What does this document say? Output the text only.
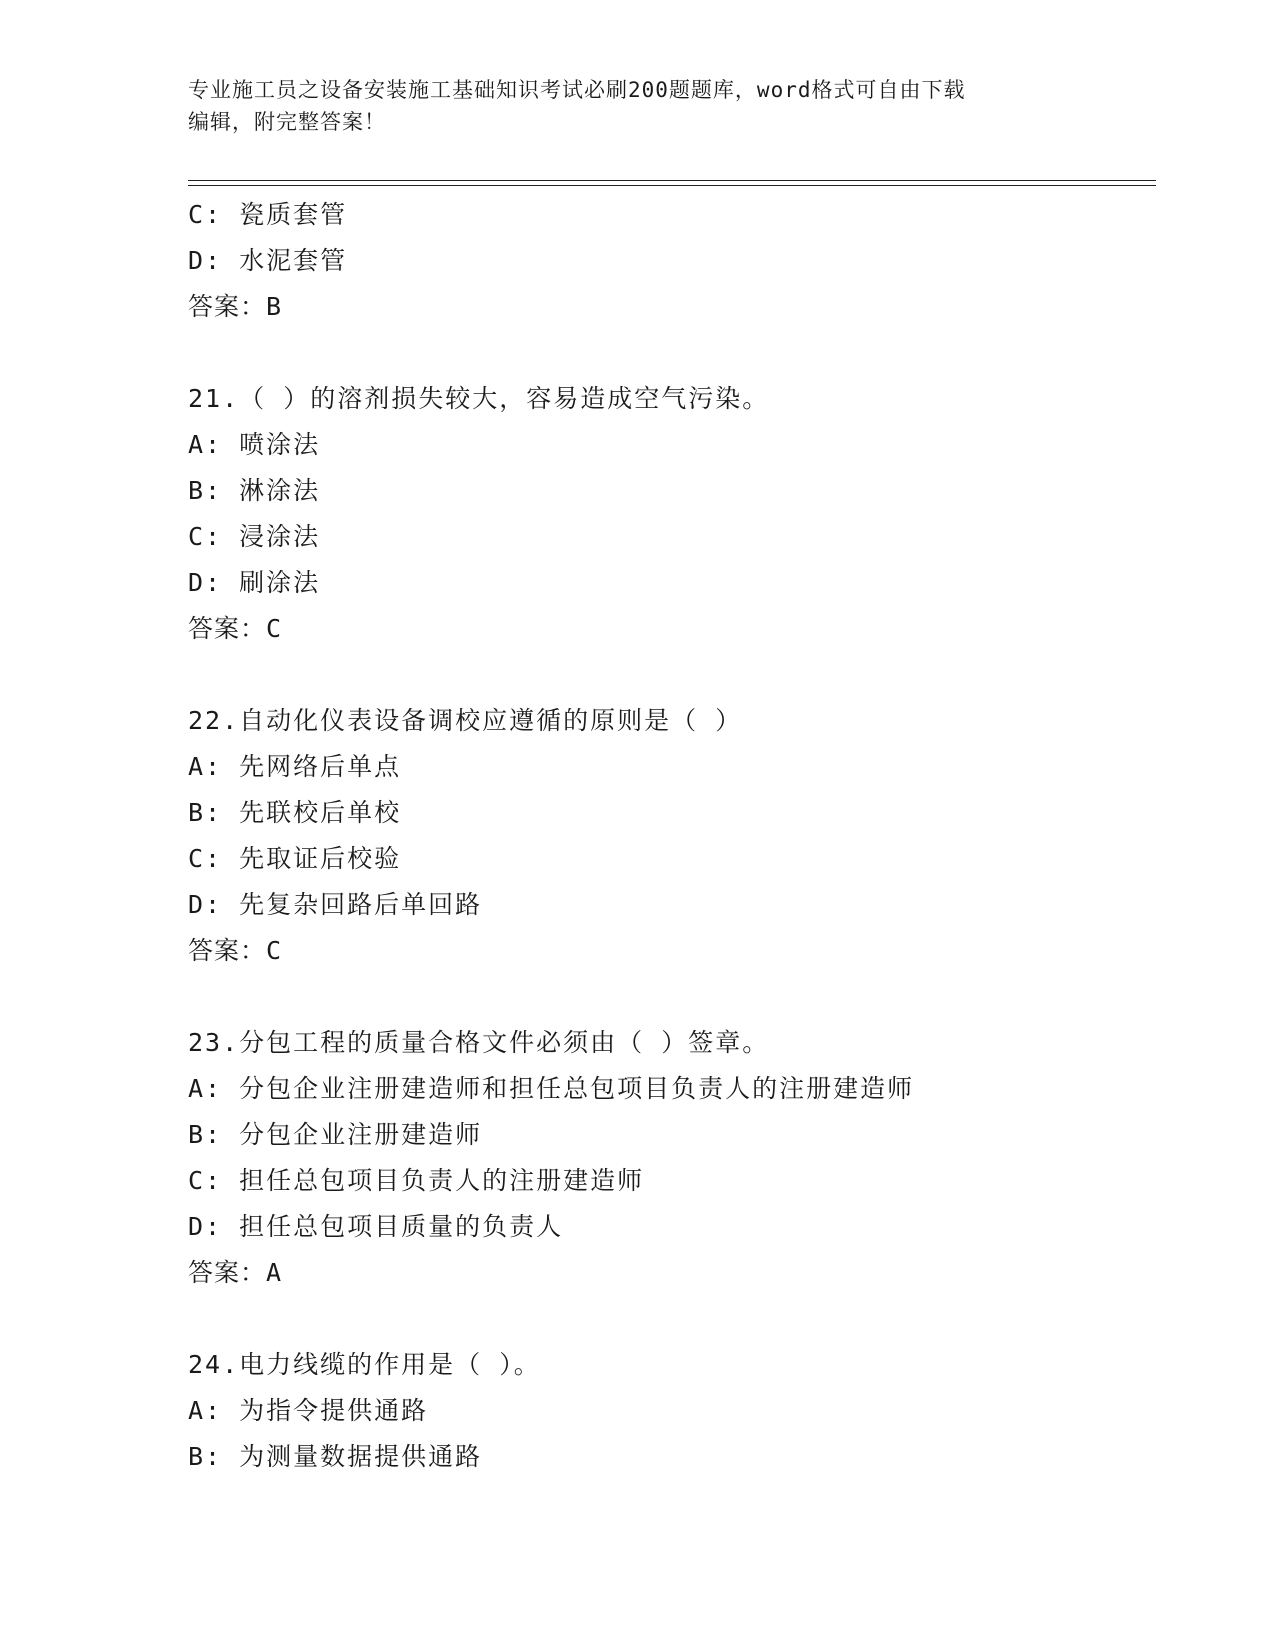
专业施工员之设备安装施工基础知识考试必刷200题题库，word格式可自由下载
编辑，附完整答案！
C: 瓷质套管
D: 水泥套管
答案：B
21.（ ）的溶剂损失较大，容易造成空气污染。
A: 喷涂法
B: 淋涂法
C: 浸涂法
D: 刷涂法
答案：C
22.自动化仪表设备调校应遵循的原则是（ ）
A: 先网络后单点
B: 先联校后单校
C: 先取证后校验
D: 先复杂回路后单回路
答案：C
23.分包工程的质量合格文件必须由（ ）签章。
A: 分包企业注册建造师和担任总包项目负责人的注册建造师
B: 分包企业注册建造师
C: 担任总包项目负责人的注册建造师
D: 担任总包项目质量的负责人
答案：A
24.电力线缆的作用是（ ）。
A: 为指令提供通路
B: 为测量数据提供通路
